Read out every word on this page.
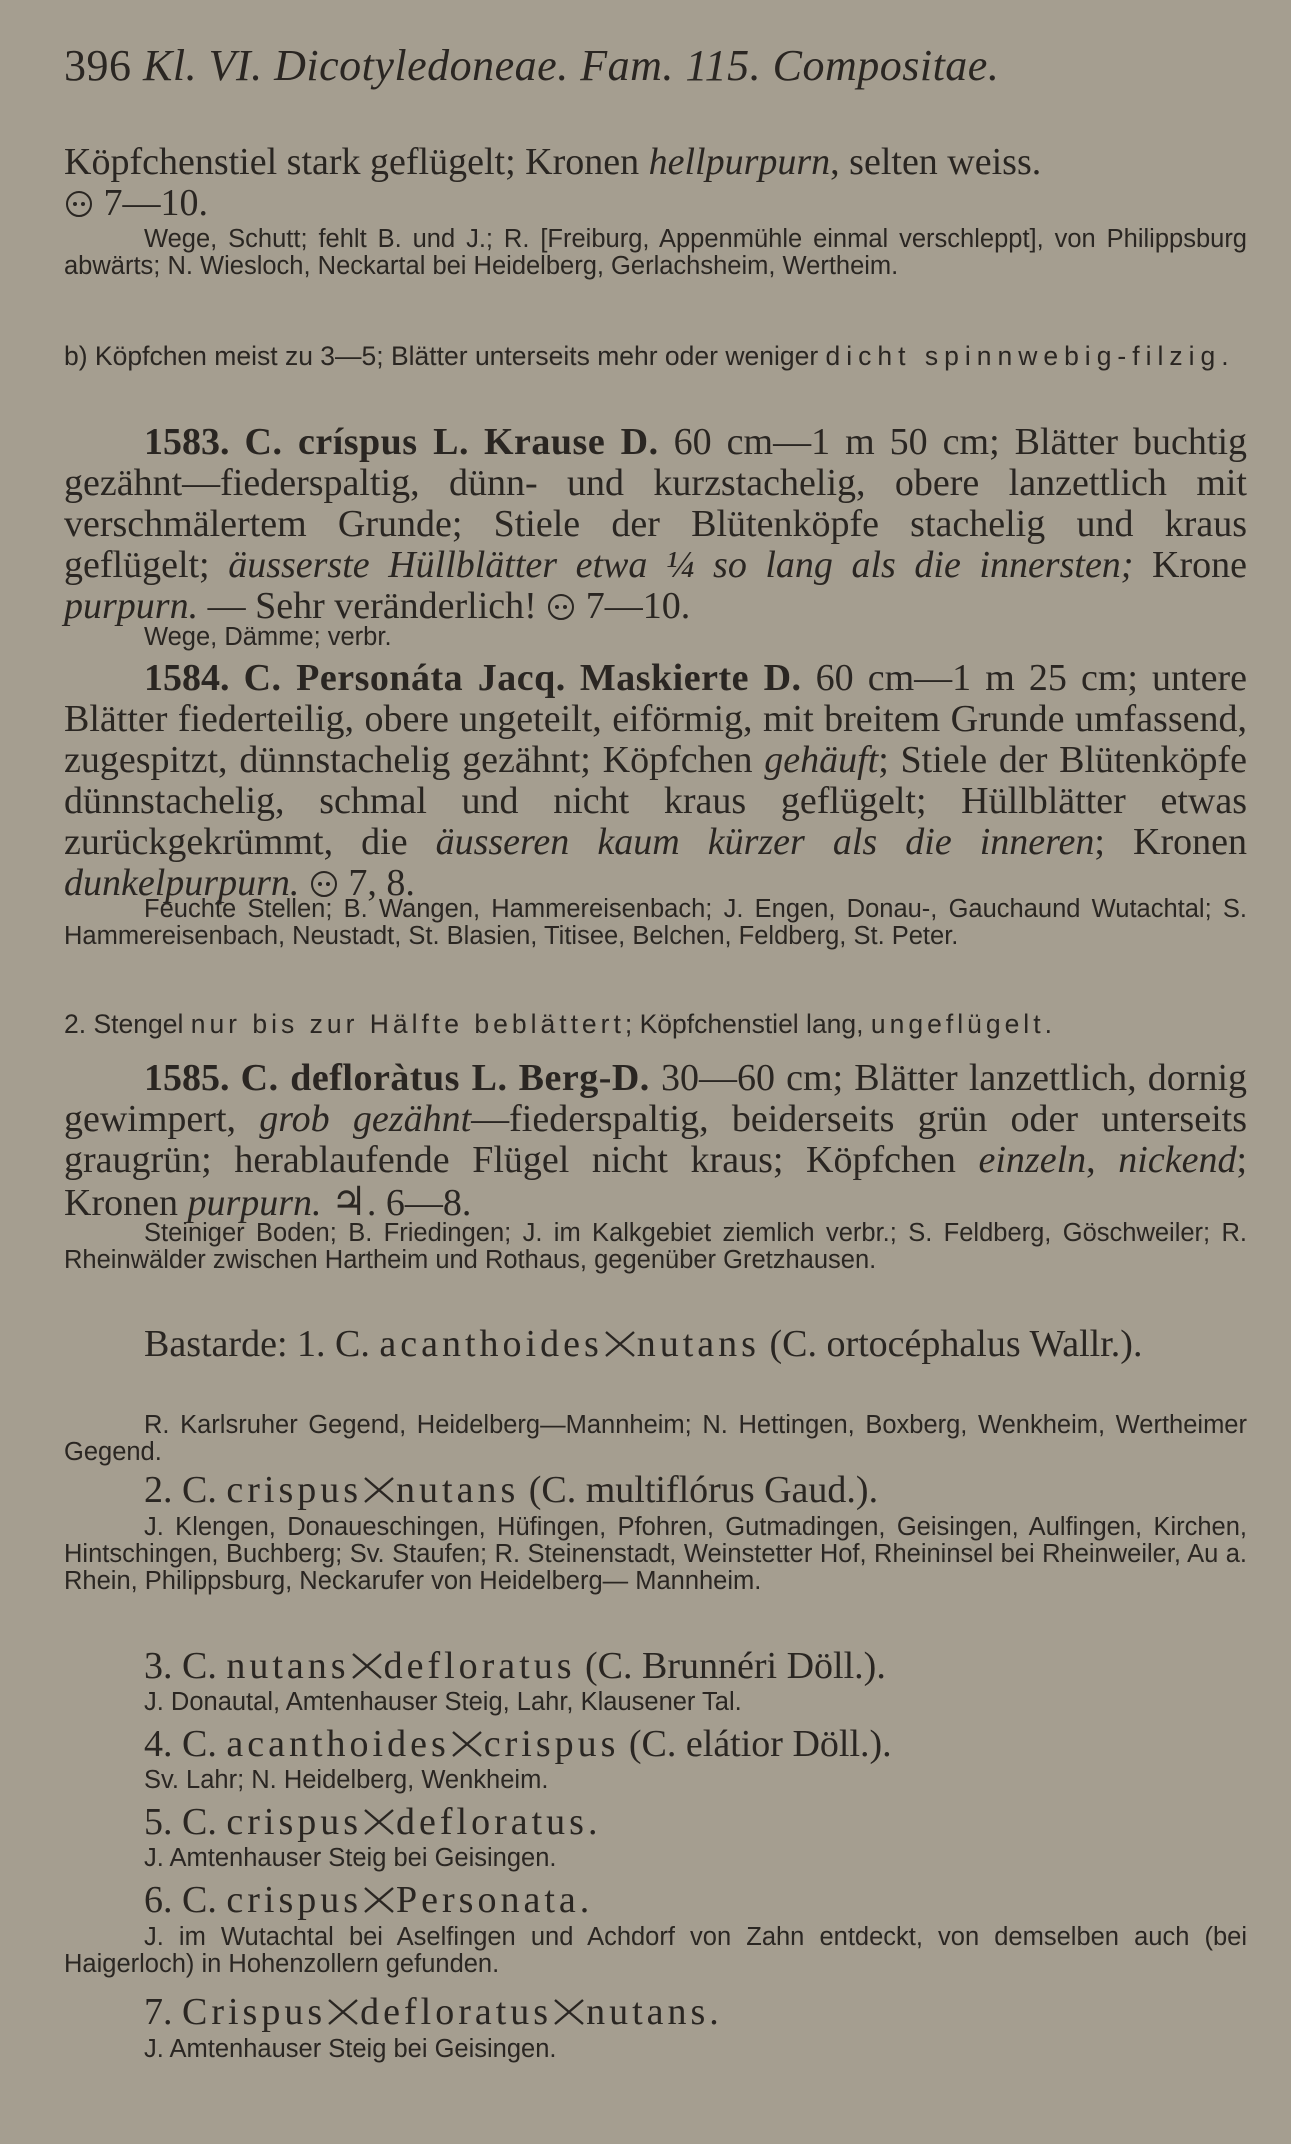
396 Kl. VI. Dicotyledoneae. Fam. 115. Compositae.
Köpfchenstiel stark geflügelt; Kronen hellpurpurn, selten weiss.
7—10.
Wege, Schutt; fehlt B. und J.; R. [Freiburg, Appenmühle einmal verschleppt], von Philippsburg abwärts; N. Wiesloch, Neckartal bei Heidelberg, Gerlachsheim, Wertheim.
b) Köpfchen meist zu 3—5; Blätter unterseits mehr oder weniger dicht spinnwebig-filzig.
1583. C. críspus L. Krause D. 60 cm—1 m 50 cm; Blätter buchtig gezähnt—fiederspaltig, dünn- und kurzstachelig, obere lanzettlich mit verschmälertem Grunde; Stiele der Blütenköpfe stachelig und kraus geflügelt; äusserste Hüllblätter etwa ¼ so lang als die innersten; Krone purpurn. — Sehr veränderlich!  7—10.
Wege, Dämme; verbr.
1584. C. Personáta Jacq. Maskierte D. 60 cm—1 m 25 cm; untere Blätter fiederteilig, obere ungeteilt, eiförmig, mit breitem Grunde umfassend, zugespitzt, dünnstachelig gezähnt; Köpfchen gehäuft; Stiele der Blütenköpfe dünnstachelig, schmal und nicht kraus geflügelt; Hüllblätter etwas zurückgekrümmt, die äusseren kaum kürzer als die inneren; Kronen dunkelpurpurn.  7, 8.
Feuchte Stellen; B. Wangen, Hammereisenbach; J. Engen, Donau-, Gauchaund Wutachtal; S. Hammereisenbach, Neustadt, St. Blasien, Titisee, Belchen, Feldberg, St. Peter.
2. Stengel nur bis zur Hälfte beblättert; Köpfchenstiel lang, ungeflügelt.
1585. C. defloràtus L. Berg-D. 30—60 cm; Blätter lanzettlich, dornig gewimpert, grob gezähnt—fiederspaltig, beiderseits grün oder unterseits graugrün; herablaufende Flügel nicht kraus; Köpfchen einzeln, nickend; Kronen purpurn. ♃. 6—8.
Steiniger Boden; B. Friedingen; J. im Kalkgebiet ziemlich verbr.; S. Feldberg, Göschweiler; R. Rheinwälder zwischen Hartheim und Rothaus, gegenüber Gretzhausen.
Bastarde: 1. C. acanthoides nutans (C. ortocéphalus Wallr.).
R. Karlsruher Gegend, Heidelberg—Mannheim; N. Hettingen, Boxberg, Wenkheim, Wertheimer Gegend.
2. C. crispus nutans (C. multiflórus Gaud.).
J. Klengen, Donaueschingen, Hüfingen, Pfohren, Gutmadingen, Geisingen, Aulfingen, Kirchen, Hintschingen, Buchberg; Sv. Staufen; R. Steinenstadt, Weinstetter Hof, Rheininsel bei Rheinweiler, Au a. Rhein, Philippsburg, Neckarufer von Heidelberg— Mannheim.
3. C. nutans defloratus (C. Brunnéri Döll.).
J. Donautal, Amtenhauser Steig, Lahr, Klausener Tal.
4. C. acanthoides crispus (C. elátior Döll.).
Sv. Lahr; N. Heidelberg, Wenkheim.
5. C. crispus defloratus.
J. Amtenhauser Steig bei Geisingen.
6. C. crispus Personata.
J. im Wutachtal bei Aselfingen und Achdorf von Zahn entdeckt, von demselben auch (bei Haigerloch) in Hohenzollern gefunden.
7. Crispus defloratus nutans.
J. Amtenhauser Steig bei Geisingen.
